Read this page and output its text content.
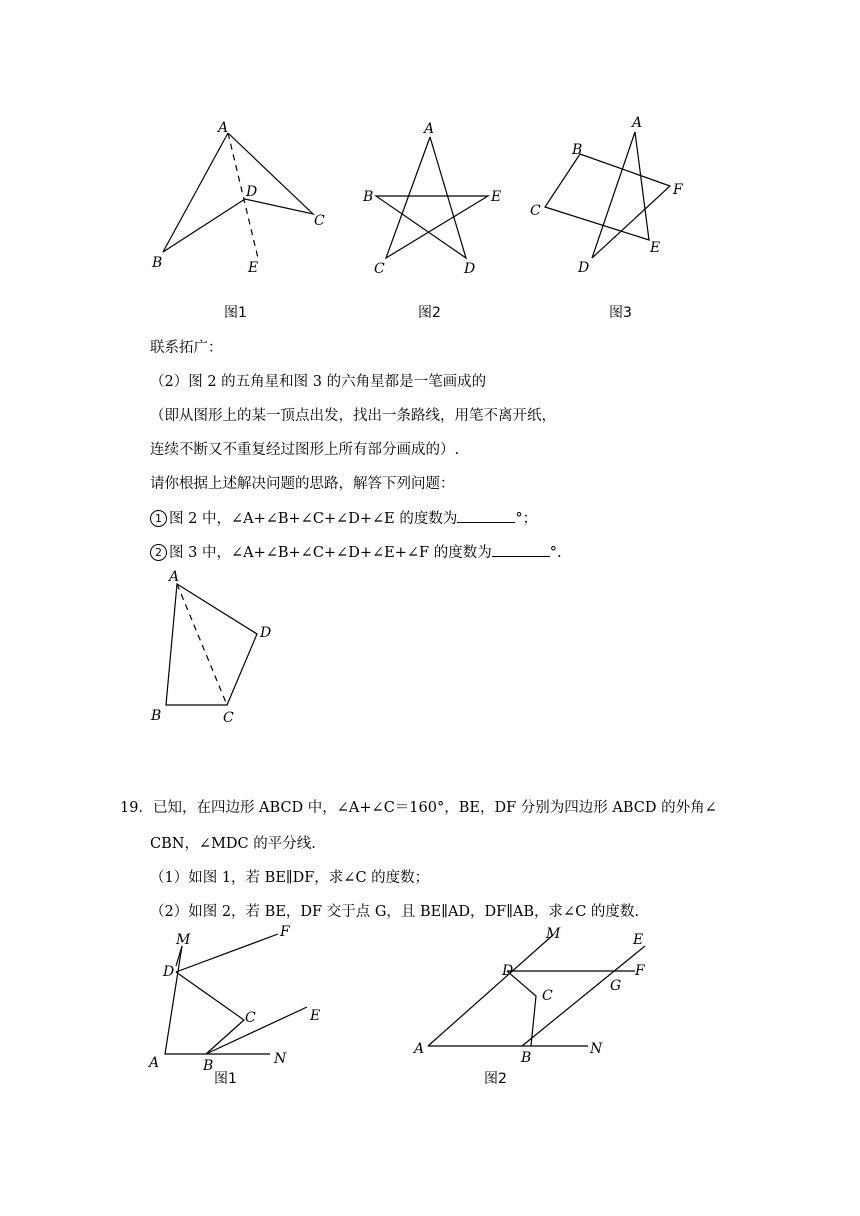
A
B
C
D
E
A
B
C	D
E
A
B
C
D
E
F
图1	图2	图3
联系拓广：
（2）图 2 的五角星和图 3 的六角星都是一笔画成的
（即从图形上的某一顶点出发，找出一条路线，用笔不离开纸，
连续不断又不重复经过图形上所有部分画成的）.
请你根据上述解决问题的思路，解答下列问题：
1 图 2 中，∠A+∠B+∠C+∠D+∠E 的度数为	°；
2 图 3 中，∠A+∠B+∠C+∠D+∠E+∠F 的度数为	°.
A
B	C
D
19．已知，在四边形 ABCD 中，∠A+∠C＝160°，BE，DF 分别为四边形 ABCD 的外角∠
CBN，∠MDC 的平分线.
（1）如图 1，若 BE∥DF，求∠C 的度数；
（2）如图 2，若 BE，DF 交于点 G，且 BE∥AD，DF∥AB，求∠C 的度数.
M	F
D
C	E
A	B	N
图1
M	E
D	F
C
G
A
B
N
图2
